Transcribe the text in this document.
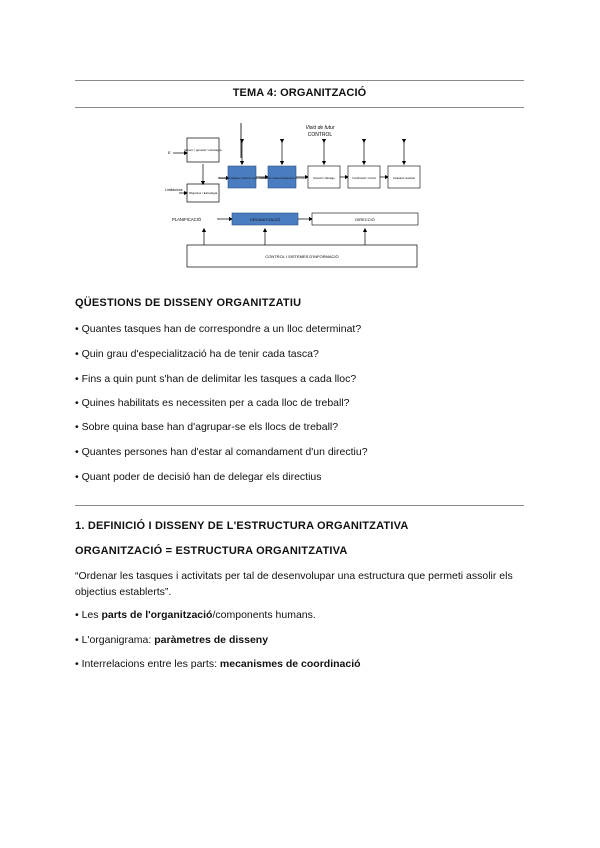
TEMA 4: ORGANITZACIÓ
Visió de futur
CONTROL
Entorn / general / estratègia
E
Objectius / Estratègia
Limitacions
Descripció tasques i funcions organització
Conducció i desenvolupament recursos	Direcció i lideratge	Coordinació i control	Avaluació resultats
PLANIFICACIÓ	ORGANITZACIÓ	DIRECCIÓ
CONTROL I SISTEMES D'INFORMACIÓ
QÜESTIONS DE DISSENY ORGANITZATIU
• Quantes tasques han de correspondre a un lloc determinat?
• Quin grau d'especialització ha de tenir cada tasca?
• Fins a quin punt s'han de delimitar les tasques a cada lloc?
• Quines habilitats es necessiten per a cada lloc de treball?
• Sobre quina base han d'agrupar-se els llocs de treball?
• Quantes persones han d'estar al comandament d'un directiu?
• Quant poder de decisió han de delegar els directius
1. DEFINICIÓ I DISSENY DE L'ESTRUCTURA ORGANITZATIVA
ORGANITZACIÓ = ESTRUCTURA ORGANITZATIVA
“Ordenar les tasques i activitats per tal de desenvolupar una estructura que permeti assolir els objectius establerts”.
• Les parts de l'organització/components humans.
• L'organigrama: paràmetres de disseny
• Interrelacions entre les parts: mecanismes de coordinació
